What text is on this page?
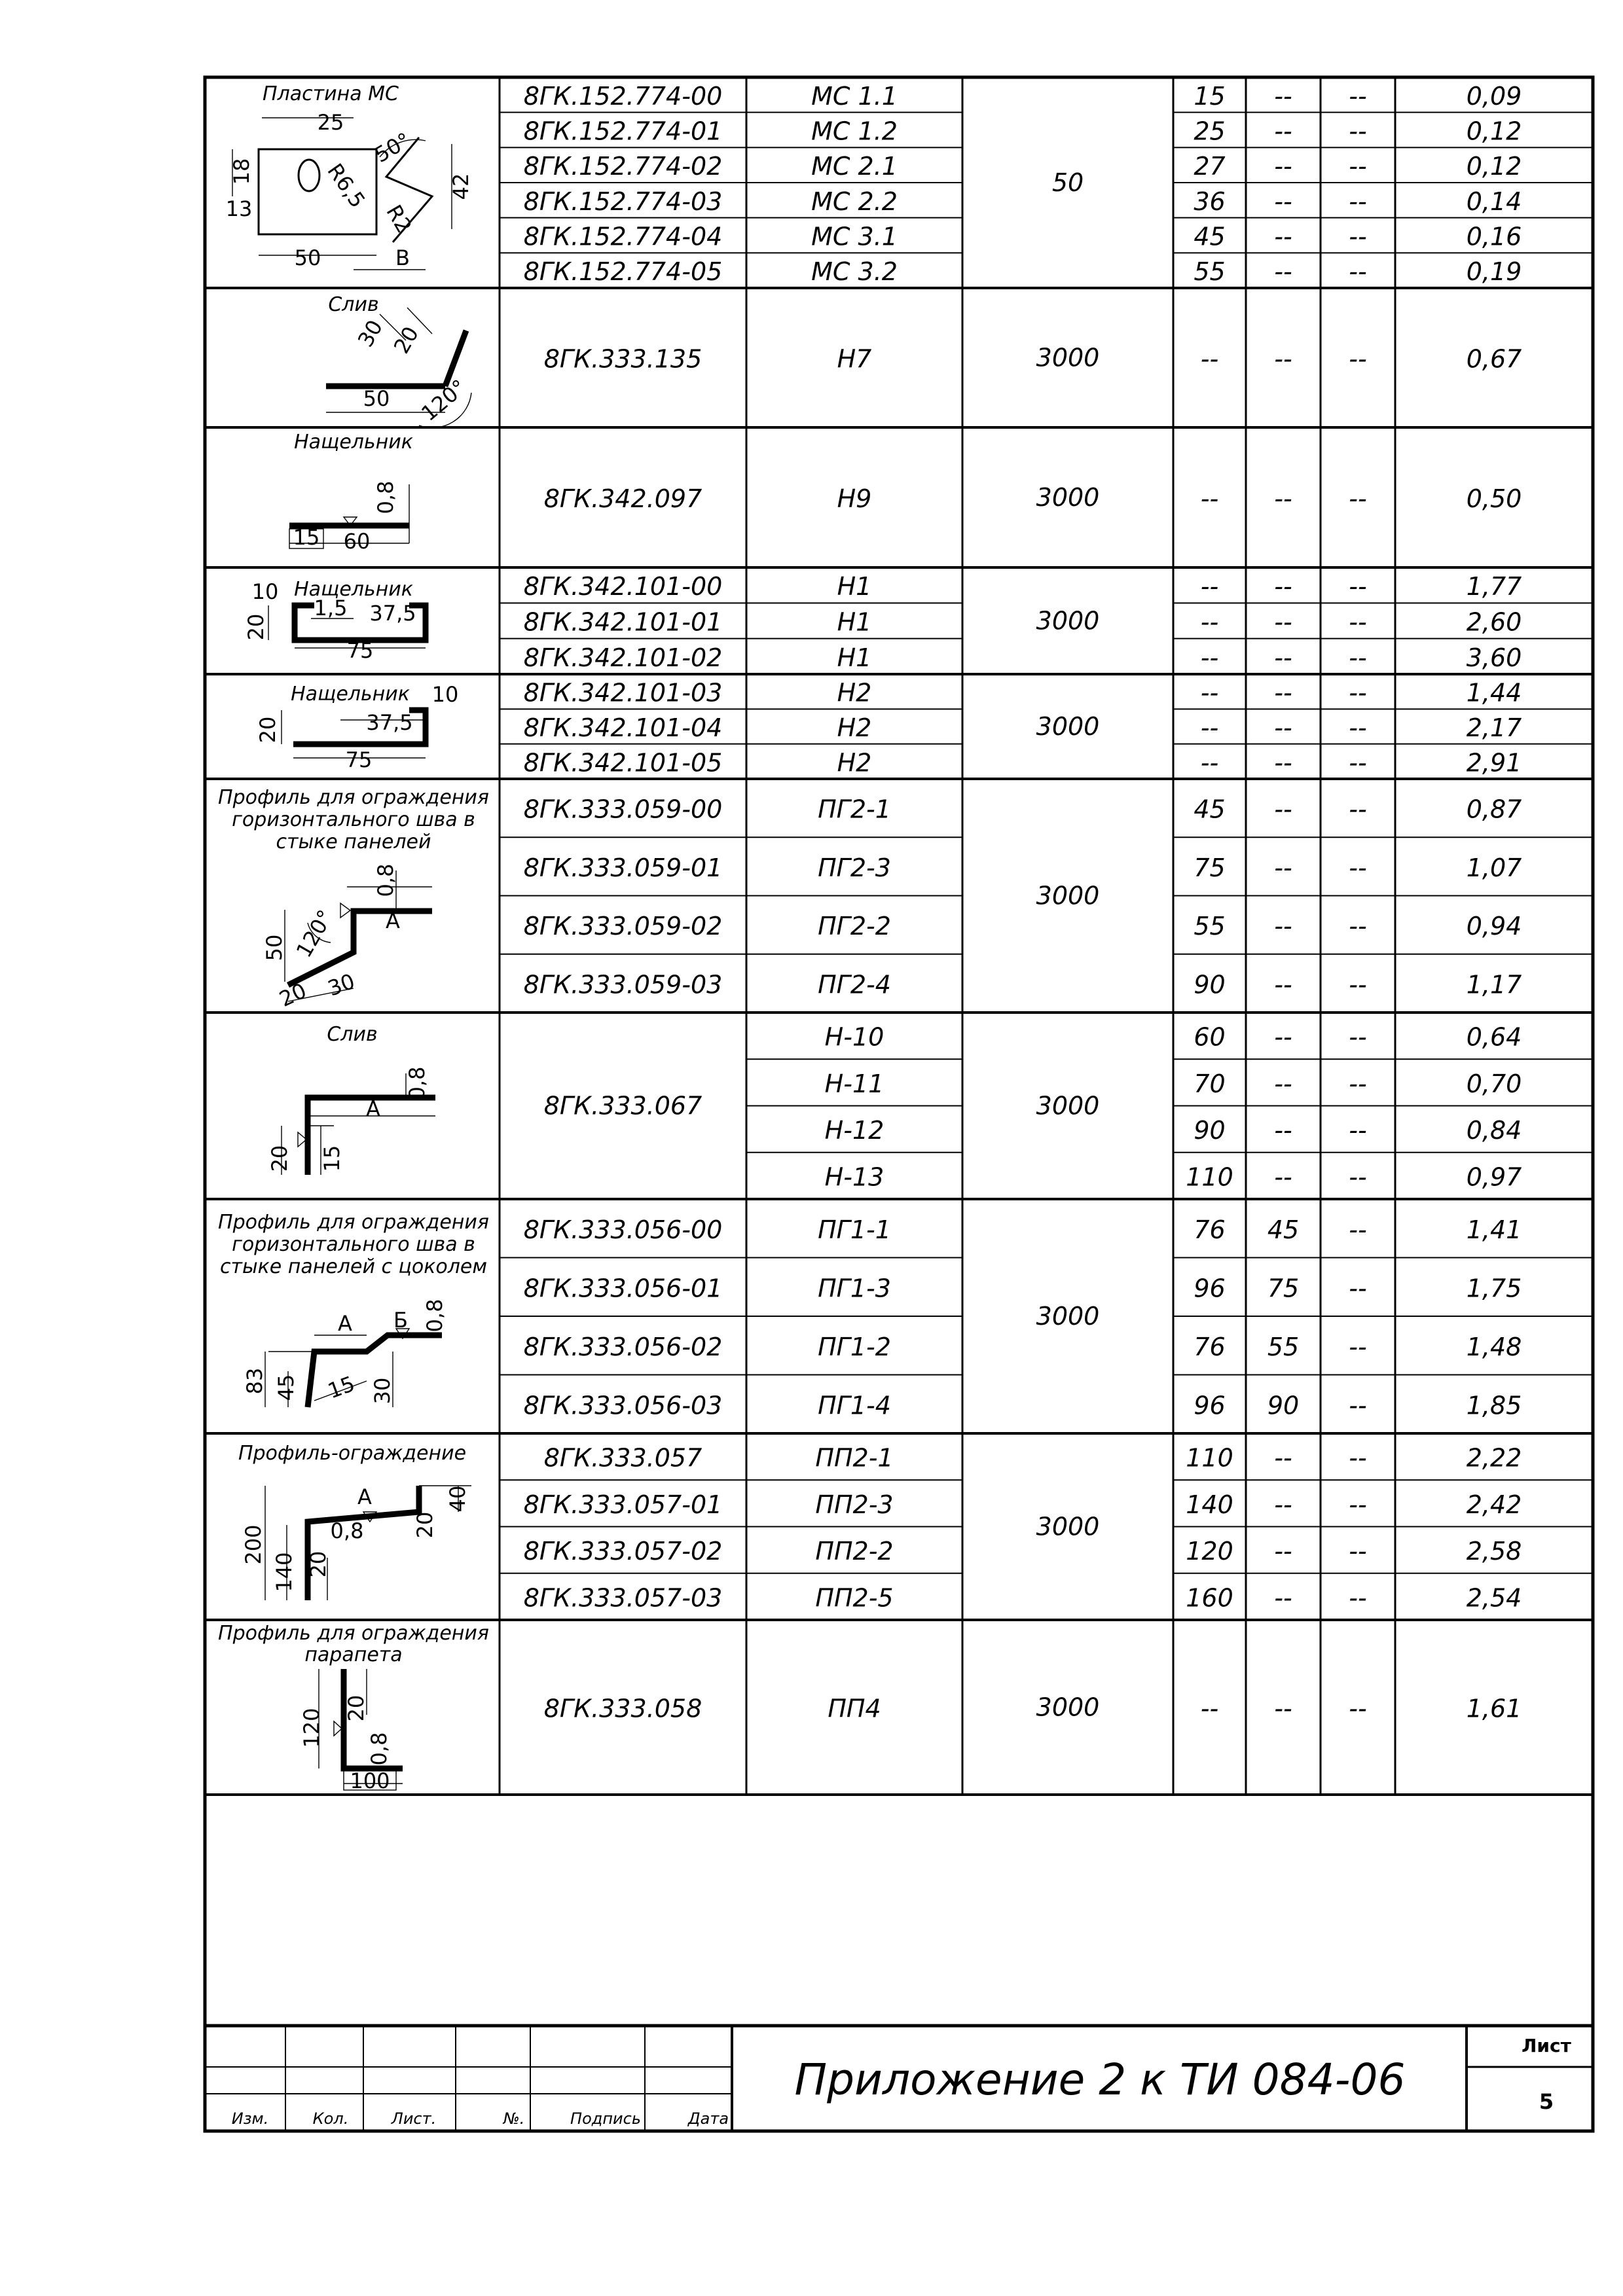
50
8ГК.152.774-00	МС 1.1	15 -- --	0,09
8ГК.152.774-01	МС 1.2	25 -- --	0,12
8ГК.152.774-02	МС 2.1	27 -- --	0,12
8ГК.152.774-03	МС 2.2	36 -- --	0,14
8ГК.152.774-04	МС 3.1	45 -- --	0,16
8ГК.152.774-05	МС 3.2	55 -- --	0,19
3000
8ГК.333.135	Н7	-- -- --	0,67
3000
8ГК.342.097	Н9	-- -- --	0,50
3000
8ГК.342.101-00	Н1	-- -- --	1,77
8ГК.342.101-01	Н1	-- -- --	2,60
8ГК.342.101-02	Н1	-- -- --	3,60
3000
8ГК.342.101-03	Н2	-- -- --	1,44
8ГК.342.101-04	Н2	-- -- --	2,17
8ГК.342.101-05	Н2	-- -- --	2,91
3000
8ГК.333.059-00	ПГ2-1	45 -- --	0,87
8ГК.333.059-01	ПГ2-3	75 -- --	1,07
8ГК.333.059-02	ПГ2-2	55 -- --	0,94
8ГК.333.059-03	ПГ2-4	90 -- --	1,17
3000
8ГК.333.067
Н-10	60 -- --	0,64
Н-11	70 -- --	0,70
Н-12	90 -- --	0,84
Н-13	110 -- --	0,97
3000
8ГК.333.056-00	ПГ1-1	76 45 --	1,41
8ГК.333.056-01	ПГ1-3	96 75 --	1,75
8ГК.333.056-02	ПГ1-2	76 55 --	1,48
8ГК.333.056-03	ПГ1-4	96 90 --	1,85
3000
8ГК.333.057	ПП2-1	110 -- --	2,22
8ГК.333.057-01	ПП2-3	140 -- --	2,42
8ГК.333.057-02	ПП2-2	120 -- --	2,58
8ГК.333.057-03	ПП2-5	160 -- --	2,54
3000
8ГК.333.058	ПП4	-- -- --	1,61
Пластина МС
25
18
13	R6,5
50°
42
R2
В
50
Слив
30 20
50 120°
Нащельник
0,8
15 60
10 Нащельник
20
1,5 37,5
75
Нащельник 10
20	37,5
75
Профиль для ограждения
горизонтального шва в
стыке панелей
0,8
А
50 120°
20 30
Слив
0,8
А
20 15
Профиль для ограждения
горизонтального шва в
стыке панелей с цоколем
А Б 0,8
83 45 15 30
Профиль-ограждение
А	40
200	0,8 20
140 20
Профиль для ограждения
парапета
120 20
0,8
100
Изм.	Кол.	Лист.	№.	Подпись	Дата
Приложение 2 к ТИ 084-06
Лист
5
